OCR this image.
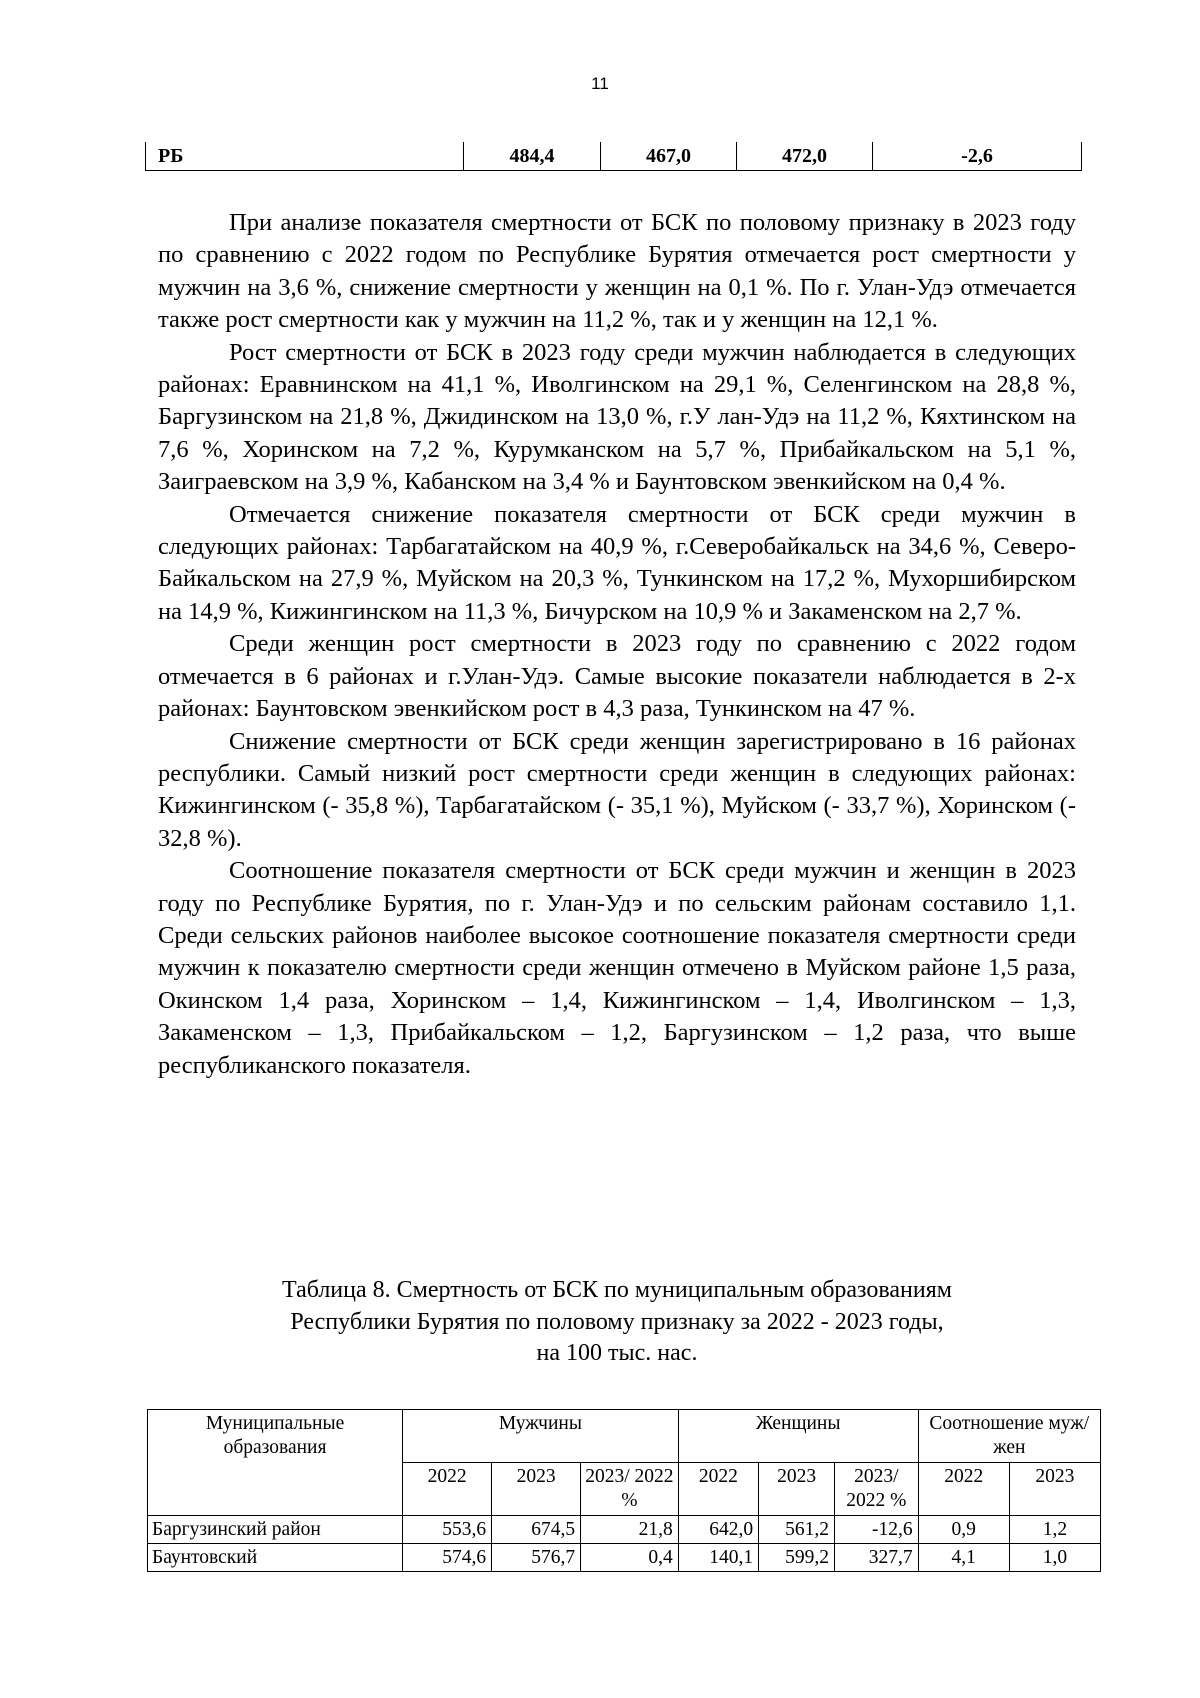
11
РБ	484,4	467,0	472,0	-2,6

При анализе показателя смертности от БСК по половому признаку в 2023 году по сравнению с 2022 годом по Республике Бурятия отмечается рост смертности у мужчин на 3,6 %, снижение смертности у женщин на 0,1 %. По г. Улан-Удэ отмечается также рост смертности как у мужчин на 11,2 %, так и у женщин на 12,1 %.

Рост смертности от БСК в 2023 году среди мужчин наблюдается в следующих районах: Еравнинском на 41,1 %, Иволгинском на 29,1 %, Селенгинском на 28,8 %, Баргузинском на 21,8 %, Джидинском на 13,0 %, г.У лан-Удэ на 11,2 %, Кяхтинском на 7,6 %, Хоринском на 7,2 %, Курумканском на 5,7 %, Прибайкальском на 5,1 %, Заиграевском на 3,9 %, Кабанском на 3,4 % и Баунтовском эвенкийском на 0,4 %.

Отмечается снижение показателя смертности от БСК среди мужчин в следующих районах: Тарбагатайском на 40,9 %, г.Северобайкальск на 34,6 %, Северо-Байкальском на 27,9 %, Муйском на 20,3 %, Тункинском на 17,2 %, Мухоршибирском на 14,9 %, Кижингинском на 11,3 %, Бичурском на 10,9 % и Закаменском на 2,7 %.

Среди женщин рост смертности в 2023 году по сравнению с 2022 годом отмечается в 6 районах и г.Улан-Удэ. Самые высокие показатели наблюдается в 2-х районах: Баунтовском эвенкийском рост в 4,3 раза, Тункинском на 47 %.

Снижение смертности от БСК среди женщин зарегистрировано в 16 районах республики. Самый низкий рост смертности среди женщин в следующих районах: Кижингинском (- 35,8 %), Тарбагатайском (- 35,1 %), Муйском (- 33,7 %), Хоринском (- 32,8 %).

Соотношение показателя смертности от БСК среди мужчин и женщин в 2023 году по Республике Бурятия, по г. Улан-Удэ и по сельским районам составило 1,1. Среди сельских районов наиболее высокое соотношение показателя смертности среди мужчин к показателю смертности среди женщин отмечено в Муйском районе 1,5 раза, Окинском 1,4 раза, Хоринском – 1,4, Кижингинском – 1,4, Иволгинском – 1,3, Закаменском – 1,3, Прибайкальском – 1,2, Баргузинском – 1,2 раза, что выше республиканского показателя.

Таблица 8. Смертность от БСК по муниципальным образованиям
Республики Бурятия по половому признаку за 2022 - 2023 годы,
на 100 тыс. нас.
Муниципальные образования	Мужчины			Женщины			Соотношение муж/жен	
	2022	2023	2023/ 2022 %	2022	2023	2023/ 2022 %	2022	2023
Баргузинский район	553,6	674,5	21,8	642,0	561,2	-12,6	0,9	1,2
Баунтовский	574,6	576,7	0,4	140,1	599,2	327,7	4,1	1,0
